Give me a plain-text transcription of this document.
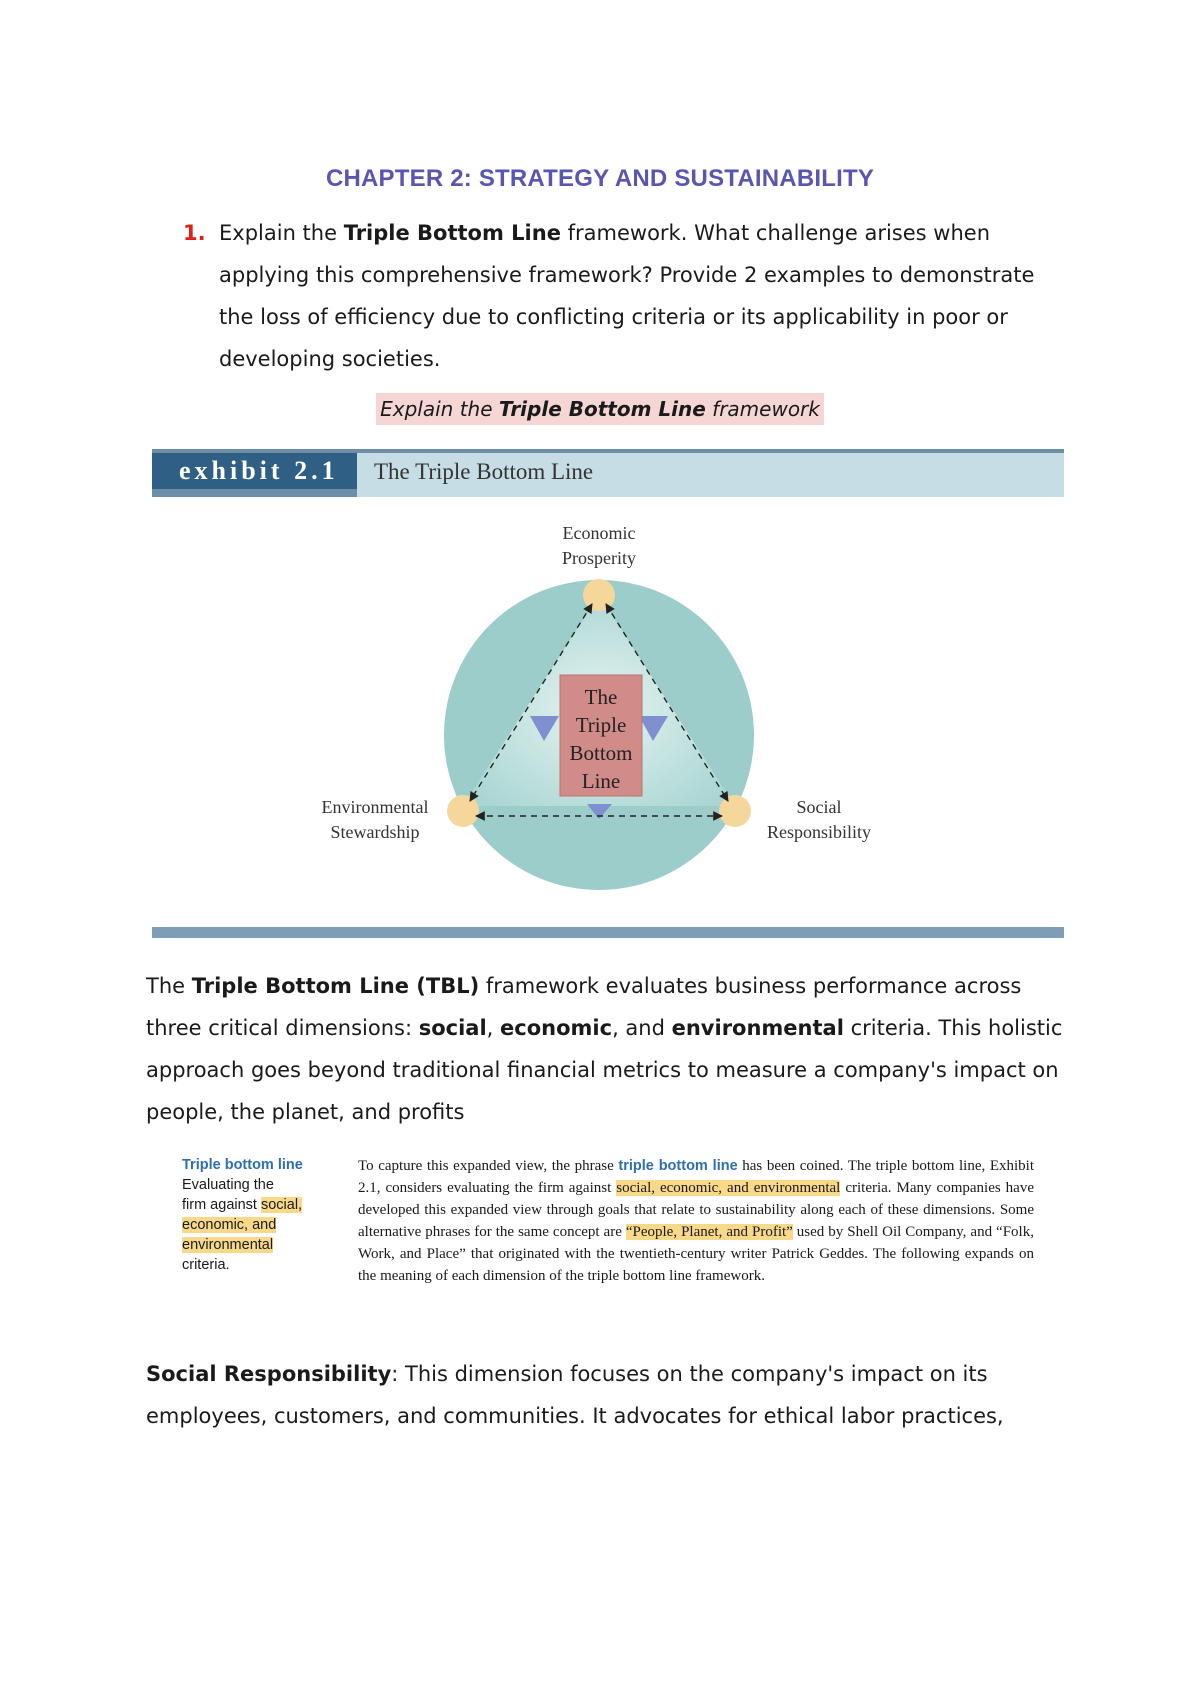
CHAPTER 2: STRATEGY AND SUSTAINABILITY
1. Explain the Triple Bottom Line framework. What challenge arises when applying this comprehensive framework? Provide 2 examples to demonstrate the loss of efficiency due to conflicting criteria or its applicability in poor or developing societies.
Explain the Triple Bottom Line framework
exhibit 2.1	The Triple Bottom Line
The
Triple
Bottom
Line
Economic
Prosperity
Environmental
Stewardship
Social
Responsibility
The Triple Bottom Line (TBL) framework evaluates business performance across three critical dimensions: social, economic, and environmental criteria. This holistic approach goes beyond traditional financial metrics to measure a company's impact on people, the planet, and profits
Triple bottom line
Evaluating the
firm against social,
economic, and
environmental
criteria.
To capture this expanded view, the phrase triple bottom line has been coined. The triple bottom line, Exhibit 2.1, considers evaluating the firm against social, economic, and environmental criteria. Many companies have developed this expanded view through goals that relate to sustainability along each of these dimensions. Some alternative phrases for the same concept are “People, Planet, and Profit” used by Shell Oil Company, and “Folk, Work, and Place” that originated with the twentieth-century writer Patrick Geddes. The following expands on the meaning of each dimension of the triple bottom line framework.
Social Responsibility: This dimension focuses on the company's impact on its employees, customers, and communities. It advocates for ethical labor practices,
